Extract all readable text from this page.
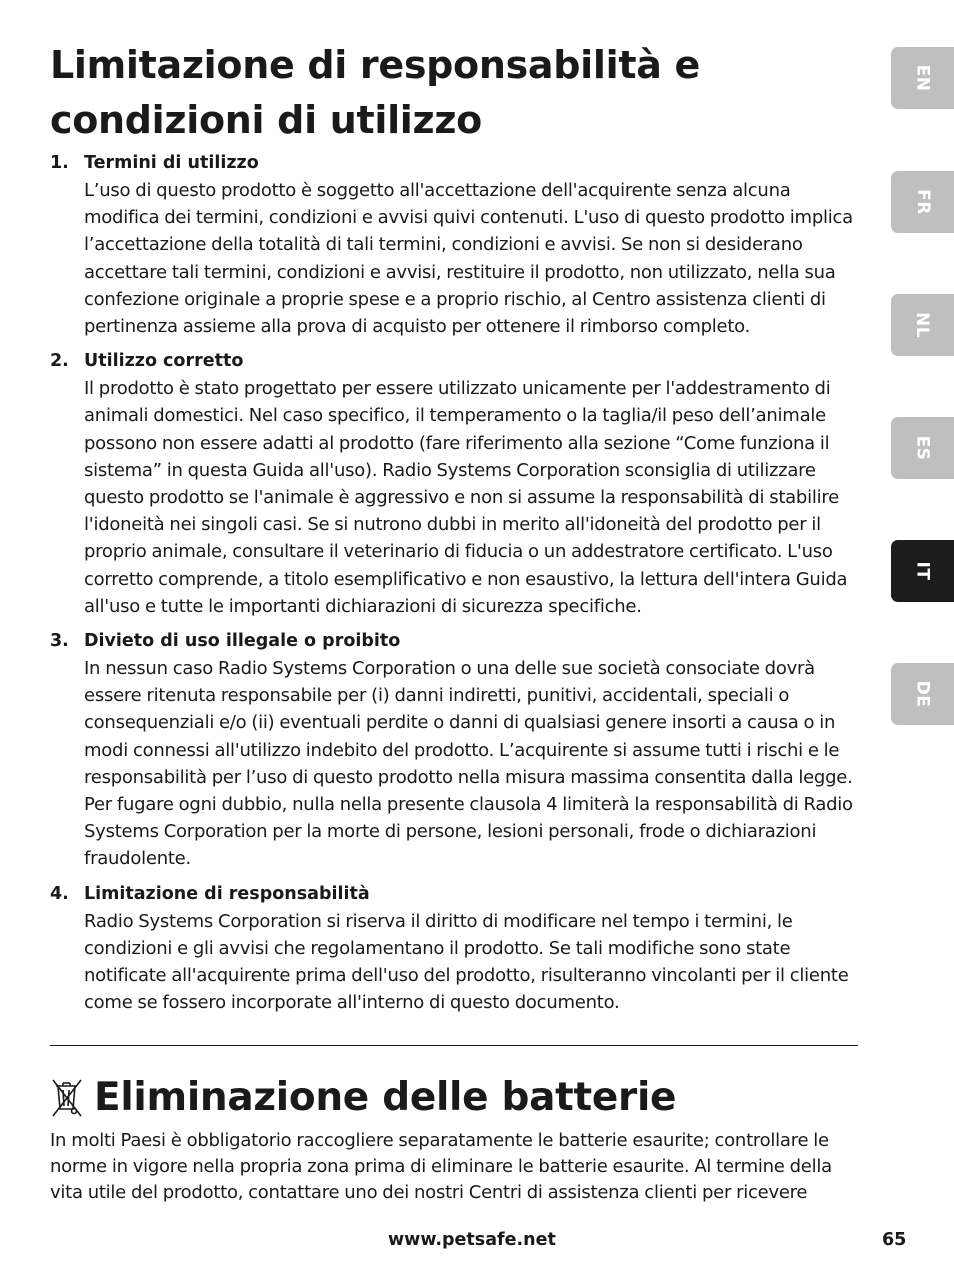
Limitazione di responsabilità e
condizioni di utilizzo
1. Termini di utilizzo

L’uso di questo prodotto è soggetto all'accettazione dell'acquirente senza alcuna modifica dei termini, condizioni e avvisi quivi contenuti. L'uso di questo prodotto implica l’accettazione della totalità di tali termini, condizioni e avvisi. Se non si desiderano accettare tali termini, condizioni e avvisi, restituire il prodotto, non utilizzato, nella sua confezione originale a proprie spese e a proprio rischio, al Centro assistenza clienti di pertinenza assieme alla prova di acquisto per ottenere il rimborso completo.

2. Utilizzo corretto

Il prodotto è stato progettato per essere utilizzato unicamente per l'addestramento di animali domestici. Nel caso specifico, il temperamento o la taglia/il peso dell’animale possono non essere adatti al prodotto (fare riferimento alla sezione “Come funziona il sistema” in questa Guida all'uso). Radio Systems Corporation sconsiglia di utilizzare questo prodotto se l'animale è aggressivo e non si assume la responsabilità di stabilire l'idoneità nei singoli casi. Se si nutrono dubbi in merito all'idoneità del prodotto per il proprio animale, consultare il veterinario di fiducia o un addestratore certificato. L'uso corretto comprende, a titolo esemplificativo e non esaustivo, la lettura dell'intera Guida all'uso e tutte le importanti dichiarazioni di sicurezza specifiche.

3. Divieto di uso illegale o proibito

In nessun caso Radio Systems Corporation o una delle sue società consociate dovrà essere ritenuta responsabile per (i) danni indiretti, punitivi, accidentali, speciali o consequenziali e/o (ii) eventuali perdite o danni di qualsiasi genere insorti a causa o in modi connessi all'utilizzo indebito del prodotto. L’acquirente si assume tutti i rischi e le responsabilità per l’uso di questo prodotto nella misura massima consentita dalla legge. Per fugare ogni dubbio, nulla nella presente clausola 4 limiterà la responsabilità di Radio Systems Corporation per la morte di persone, lesioni personali, frode o dichiarazioni fraudolente.

4. Limitazione di responsabilità

Radio Systems Corporation si riserva il diritto di modificare nel tempo i termini, le condizioni e gli avvisi che regolamentano il prodotto. Se tali modifiche sono state notificate all'acquirente prima dell'uso del prodotto, risulteranno vincolanti per il cliente come se fossero incorporate all'interno di questo documento.

Eliminazione delle batterie

In molti Paesi è obbligatorio raccogliere separatamente le batterie esaurite; controllare le norme in vigore nella propria zona prima di eliminare le batterie esaurite. Al termine della vita utile del prodotto, contattare uno dei nostri Centri di assistenza clienti per ricevere

www.petsafe.net	65
EN
FR
NL
ES
IT
DE
